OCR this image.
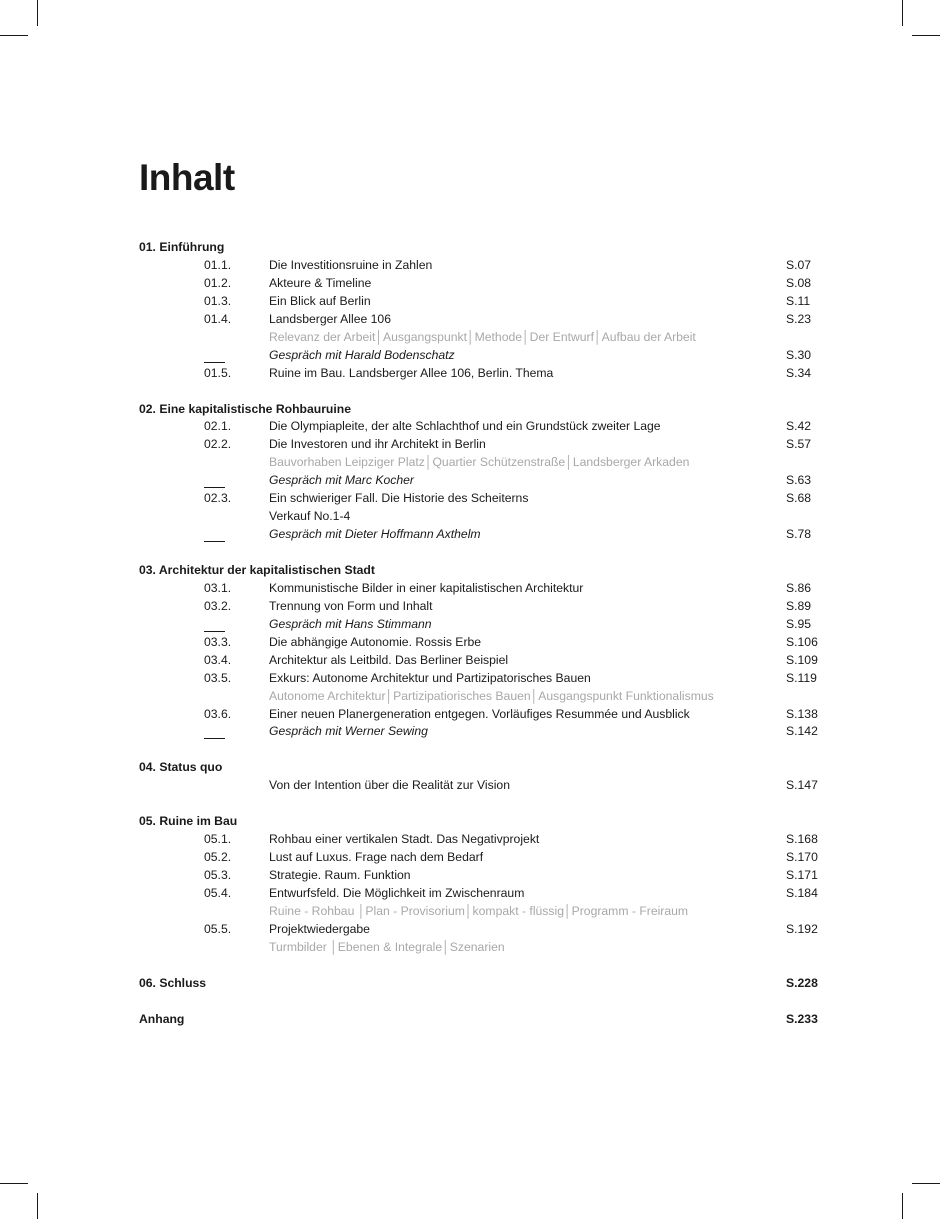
Inhalt
01. Einführung
01.1.	Die Investitionsruine in Zahlen	S.07
01.2.	Akteure & Timeline	S.08
01.3.	Ein Blick auf Berlin	S.11
01.4.	Landsberger Allee 106	S.23
Relevanz der Arbeit│Ausgangspunkt│Methode│Der Entwurf│Aufbau der Arbeit
Gespräch mit Harald Bodenschatz	S.30
01.5.	Ruine im Bau. Landsberger Allee 106, Berlin. Thema	S.34
02. Eine kapitalistische Rohbauruine
02.1.	Die Olympiapleite, der alte Schlachthof und ein Grundstück zweiter Lage	S.42
02.2.	Die Investoren und ihr Architekt in Berlin	S.57
Bauvorhaben Leipziger Platz│Quartier Schützenstraße│Landsberger Arkaden
Gespräch mit Marc Kocher	S.63
02.3.	Ein schwieriger Fall. Die Historie des Scheiterns	S.68
Verkauf No.1-4
Gespräch mit Dieter Hoffmann Axthelm	S.78
03. Architektur der kapitalistischen Stadt
03.1.	Kommunistische Bilder in einer kapitalistischen Architektur	S.86
03.2.	Trennung von Form und Inhalt	S.89
Gespräch mit Hans Stimmann	S.95
03.3.	Die abhängige Autonomie. Rossis Erbe	S.106
03.4.	Architektur als Leitbild. Das Berliner Beispiel	S.109
03.5.	Exkurs: Autonome Architektur und Partizipatorisches Bauen	S.119
Autonome Architektur│Partizipatiorisches Bauen│Ausgangspunkt Funktionalismus
03.6.	Einer neuen Planergeneration entgegen. Vorläufiges Resummée und Ausblick	S.138
Gespräch mit Werner Sewing	S.142
04. Status quo
Von der Intention über die Realität zur Vision	S.147
05. Ruine im Bau
05.1.	Rohbau einer vertikalen Stadt. Das Negativprojekt	S.168
05.2.	Lust auf Luxus. Frage nach dem Bedarf	S.170
05.3.	Strategie. Raum. Funktion	S.171
05.4.	Entwurfsfeld. Die Möglichkeit im Zwischenraum	S.184
Ruine - Rohbau │Plan - Provisorium│kompakt - flüssig│Programm - Freiraum
05.5.	Projektwiedergabe	S.192
Turmbilder │Ebenen & Integrale│Szenarien
06. Schluss	S.228
Anhang	S.233
